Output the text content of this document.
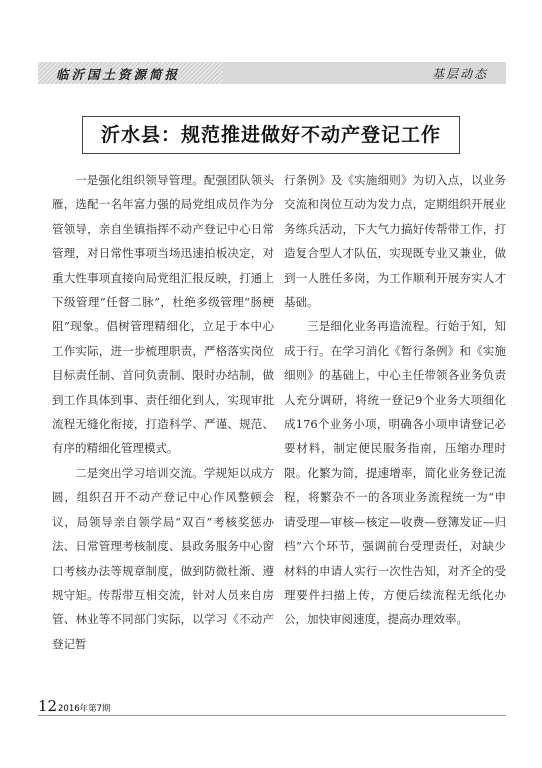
临沂国土资源简报	基层动态
沂水县：规范推进做好不动产登记工作

一是强化组织领导管理。配强团队领头雁，选配一名年富力强的局党组成员作为分管领导，亲自坐镇指挥不动产登记中心日常管理，对日常性事项当场迅速拍板决定，对重大性事项直接向局党组汇报反映，打通上下级管理“任督二脉”，杜绝多级管理“肠梗阻”现象。倡树管理精细化，立足于本中心工作实际，进一步梳理职责，严格落实岗位目标责任制、首问负责制、限时办结制，做到工作具体到事、责任细化到人，实现审批流程无缝化衔接，打造科学、严谨、规范、有序的精细化管理模式。

二是突出学习培训交流。学规矩以成方圆，组织召开不动产登记中心作风整顿会议，局领导亲自领学局“双百”考核奖惩办法、日常管理考核制度、县政务服务中心窗口考核办法等规章制度，做到防微杜渐、遵规守矩。传帮带互相交流，针对人员来自房管、林业等不同部门实际，以学习《不动产登记暂

行条例》及《实施细则》为切入点，以业务交流和岗位互动为发力点，定期组织开展业务练兵活动，下大气力搞好传帮带工作，打造复合型人才队伍，实现既专业又兼业，做到一人胜任多岗，为工作顺利开展夯实人才基础。

三是细化业务再造流程。行始于知，知成于行。在学习消化《暂行条例》和《实施细则》的基础上，中心主任带领各业务负责人充分调研，将统一登记9个业务大项细化成176个业务小项，明确各小项申请登记必要材料，制定便民服务指南，压缩办理时限。化繁为简，提速增率，简化业务登记流程，将繁杂不一的各项业务流程统一为“申请受理—审核—核定—收费—登簿发证—归档”六个环节，强调前台受理责任，对缺少材料的申请人实行一次性告知，对齐全的受理要件扫描上传，方便后续流程无纸化办公，加快审阅速度，提高办理效率。

12 2016年第7期
